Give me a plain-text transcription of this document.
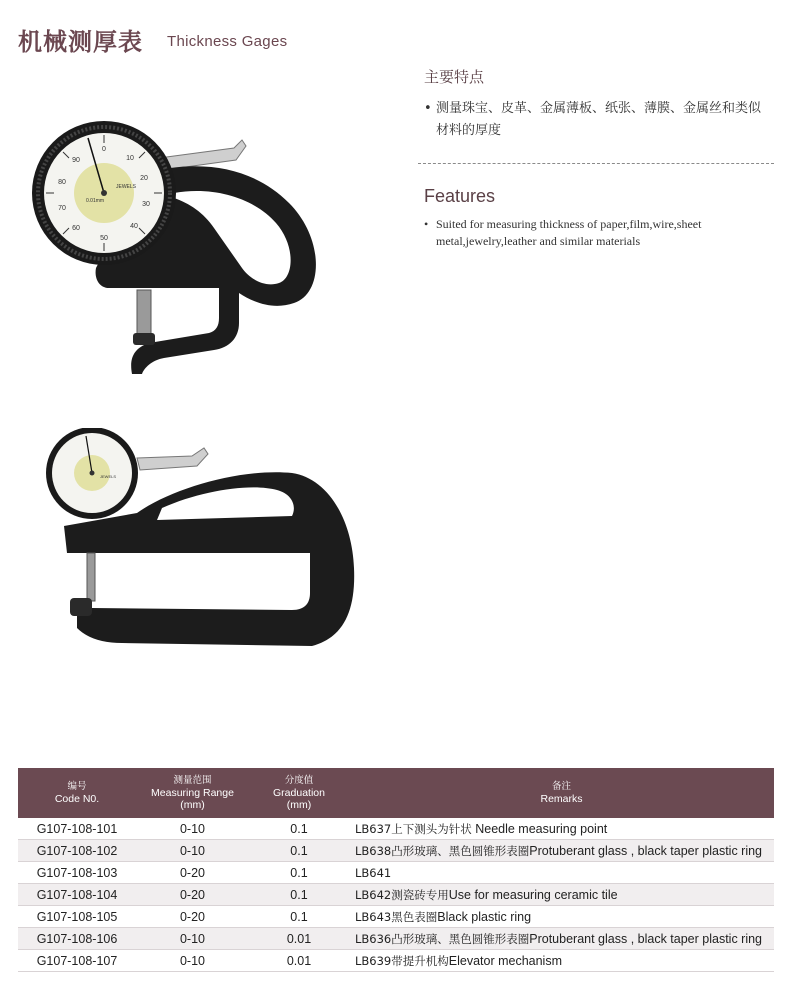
机械测厚表 Thickness Gages
主要特点
• 测量珠宝、皮革、金属薄板、纸张、薄膜、金属丝和类似材料的厚度
Features
• Suited for measuring thickness of paper,film,wire,sheet metal,jewelry,leather and similar materials
0
10
20
30
40
50
60
70
80
90
JEWELS
0.01mm
JEWELS
编号
Code N0.	测量范围
Measuring Range
(mm)	分度值
Graduation
(mm)	备注
Remarks

G107-108-101	0-10	0.1	LB637上下测头为针状 Needle measuring point
G107-108-102	0-10	0.1	LB638凸形玻璃、黑色圆锥形表圈Protuberant glass , black taper plastic ring
G107-108-103	0-20	0.1	LB641
G107-108-104	0-20	0.1	LB642测瓷砖专用Use for measuring ceramic tile
G107-108-105	0-20	0.1	LB643黑色表圈Black plastic ring
G107-108-106	0-10	0.01	LB636凸形玻璃、黑色圆锥形表圈Protuberant glass , black taper plastic ring
G107-108-107	0-10	0.01	LB639带提升机构Elevator mechanism
